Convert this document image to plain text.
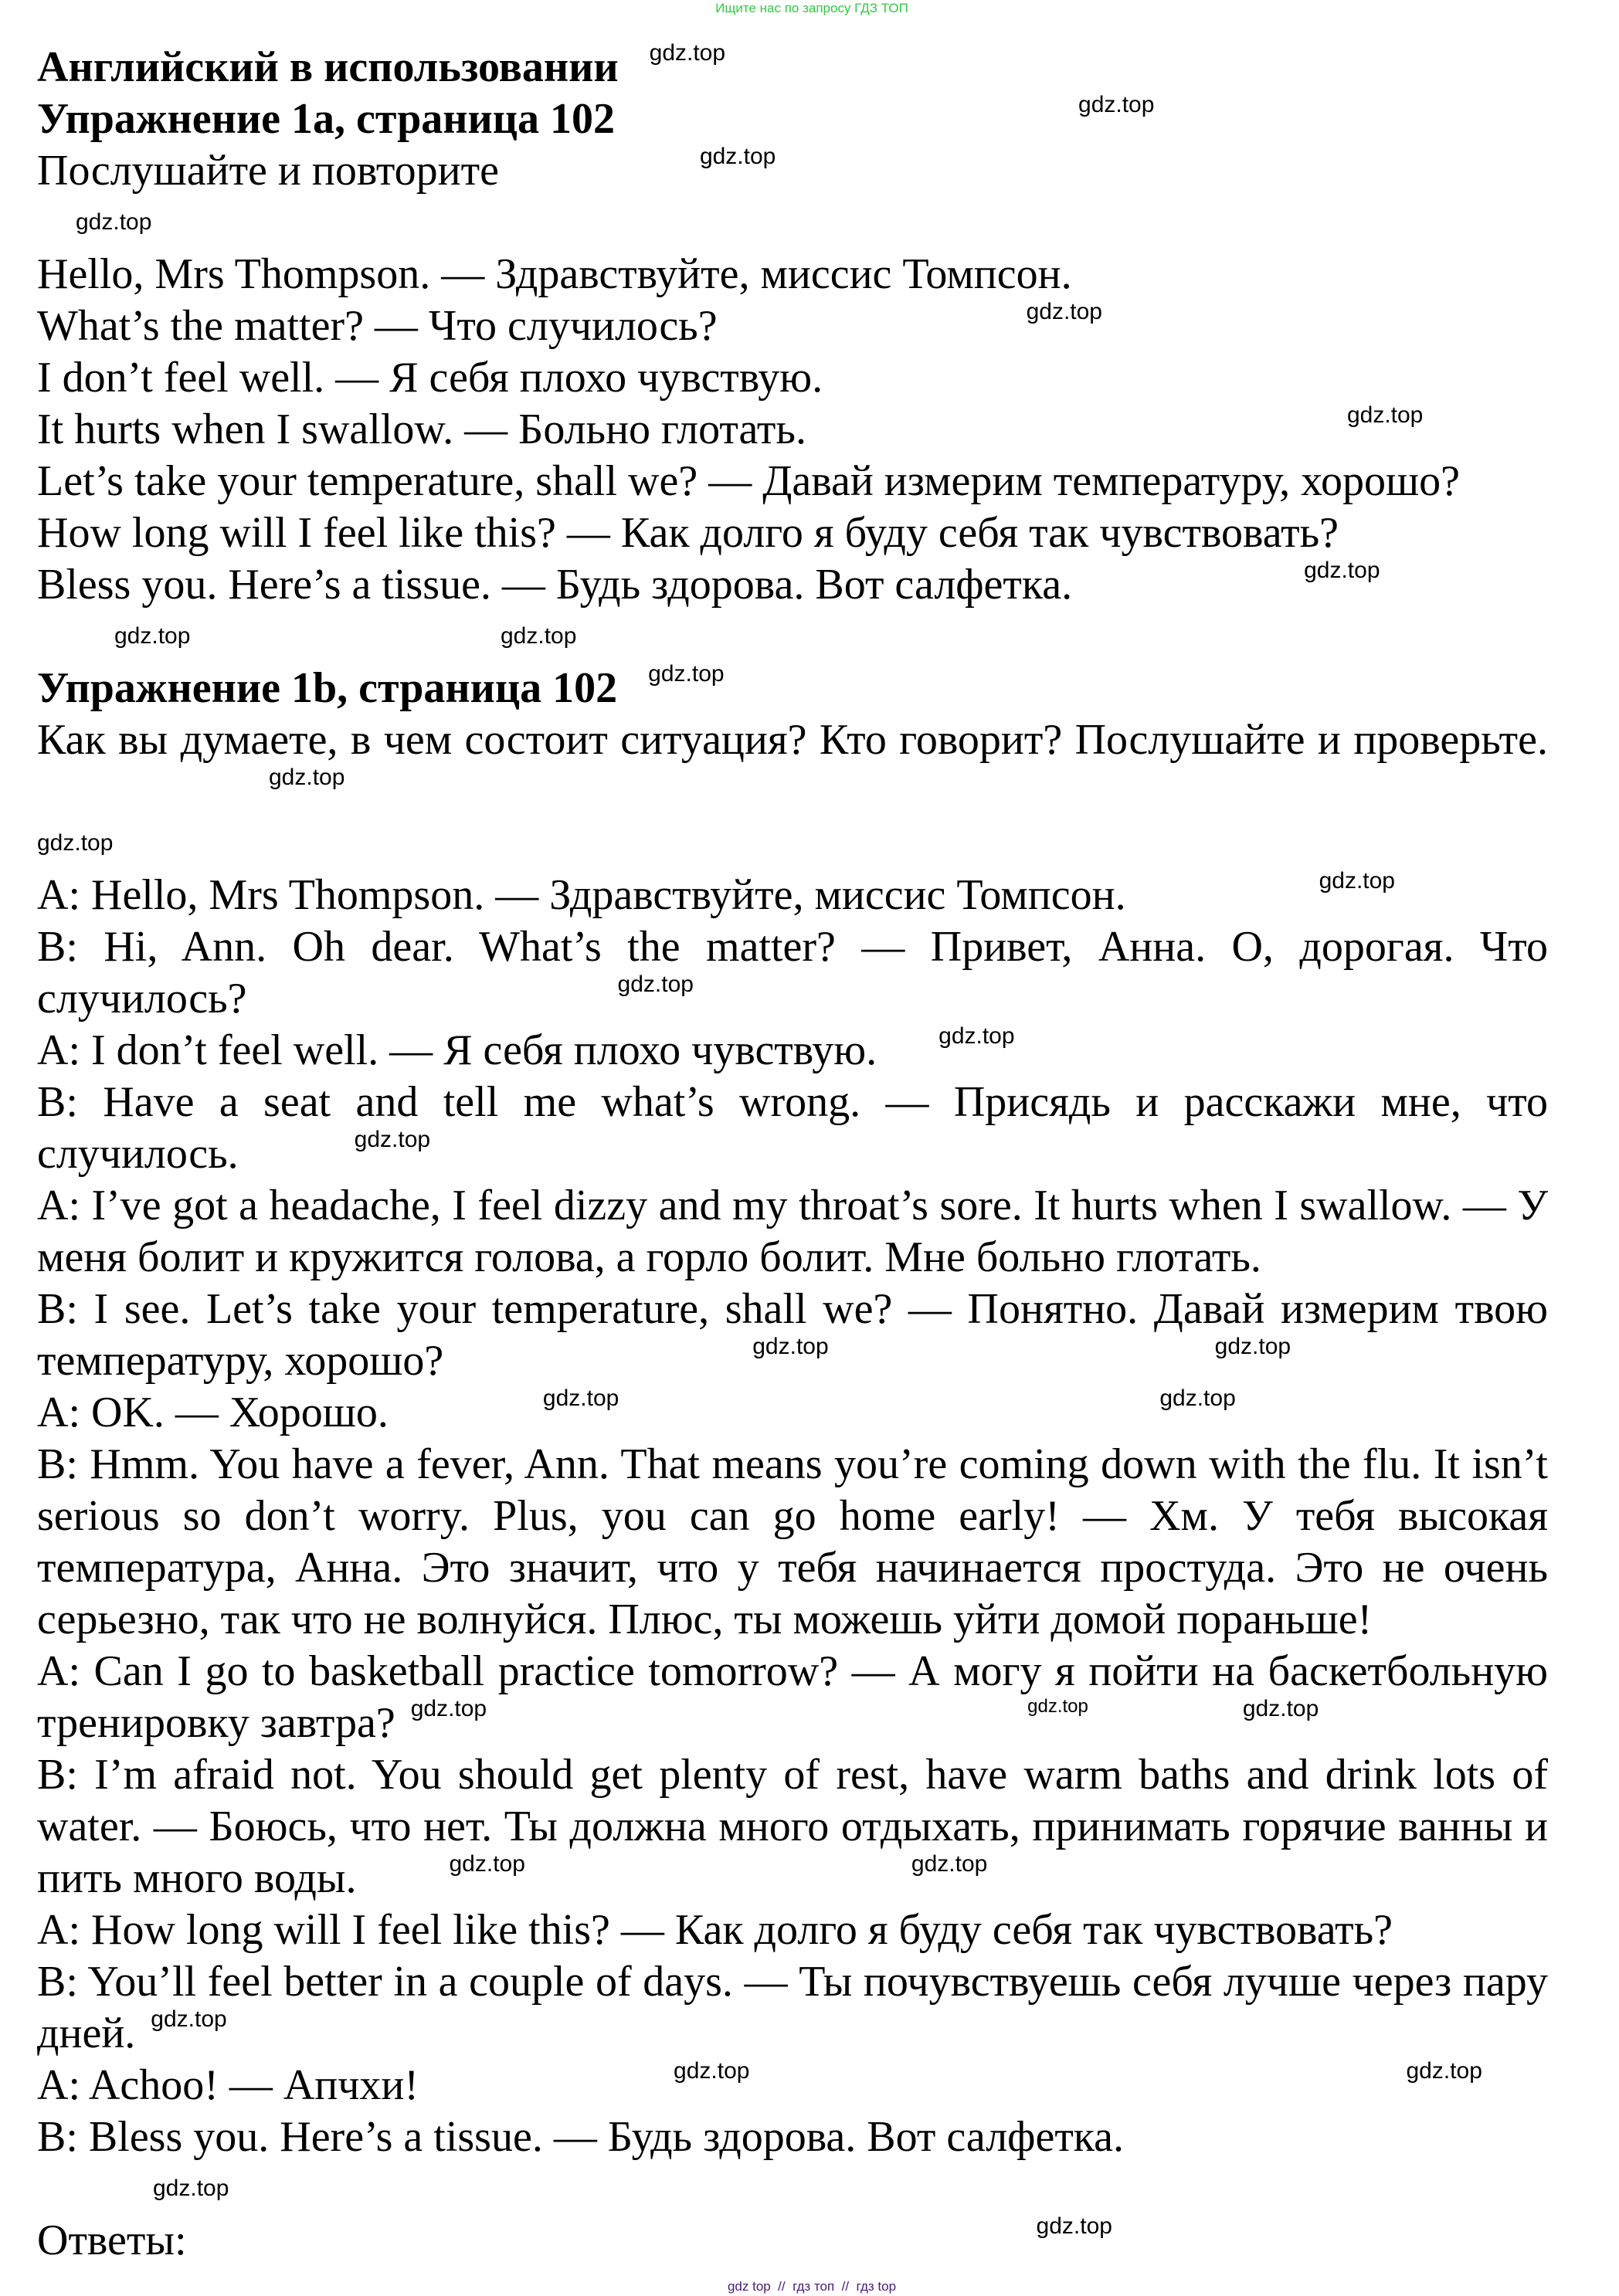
Ищите нас по запросу ГДЗ ТОП

Английский в использовании gdz.top

Упражнение 1a, страница 102	gdz.top

Послушайте и повторите	gdz.top

gdz.top

Hello, Mrs Thompson. — Здравствуйте, миссис Томпсон.

What’s the matter? — Что случилось?	gdz.top

I don’t feel well. — Я себя плохо чувствую.

It hurts when I swallow. — Больно глотать.	gdz.top

Let’s take your temperature, shall we? — Давай измерим температуру, хорошо?

How long will I feel like this? — Как долго я буду себя так чувствовать?

Bless you. Here’s a tissue. — Будь здорова. Вот салфетка.	gdz.top

gdz.top	gdz.top

Упражнение 1b, страница 102 gdz.top

Как вы думаете, в чем состоит ситуация? Кто говорит? Послушайте и проверьте.gdz.top

gdz.top

A: Hello, Mrs Thompson. — Здравствуйте, миссис Томпсон.	gdz.top

B: Hi, Ann. Oh dear. What’s the matter? — Привет, Анна. О, дорогая. Что случилось?	gdz.top

A: I don’t feel well. — Я себя плохо чувствую.	gdz.top

B: Have a seat and tell me what’s wrong. — Присядь и расскажи мне, что случилось.	gdz.top

A: I’ve got a headache, I feel dizzy and my throat’s sore. It hurts when I swallow. — У меня болит и кружится голова, а горло болит. Мне больно глотать.

B: I see. Let’s take your temperature, shall we? — Понятно. Давай измерим твою температуру, хорошо?	gdz.top	gdz.top

A: OK. — Хорошо.	gdz.top	gdz.top

B: Hmm. You have a fever, Ann. That means you’re coming down with the flu. It isn’t serious so don’t worry. Plus, you can go home early! — Хм. У тебя высокая температура, Анна. Это значит, что у тебя начинается простуда. Это не очень серьезно, так что не волнуйся. Плюс, ты можешь уйти домой пораньше!

A: Can I go to basketball practice tomorrow? — А могу я пойти на баскетбольную тренировку завтра? gdz.top	gdz.top	gdz.top

B: I’m afraid not. You should get plenty of rest, have warm baths and drink lots of water. — Боюсь, что нет. Ты должна много отдыхать, принимать горячие ванны и пить много воды.	gdz.top	gdz.top

A: How long will I feel like this? — Как долго я буду себя так чувствовать?

B: You’ll feel better in a couple of days. — Ты почувствуешь себя лучше через пару дней. gdz.top

A: Achoo! — Апчхи!	gdz.top	gdz.top

B: Bless you. Here’s a tissue. — Будь здорова. Вот салфетка.

gdz.top

Ответы:	gdz.top

gdz top  //  гдз топ  //  гдз top
